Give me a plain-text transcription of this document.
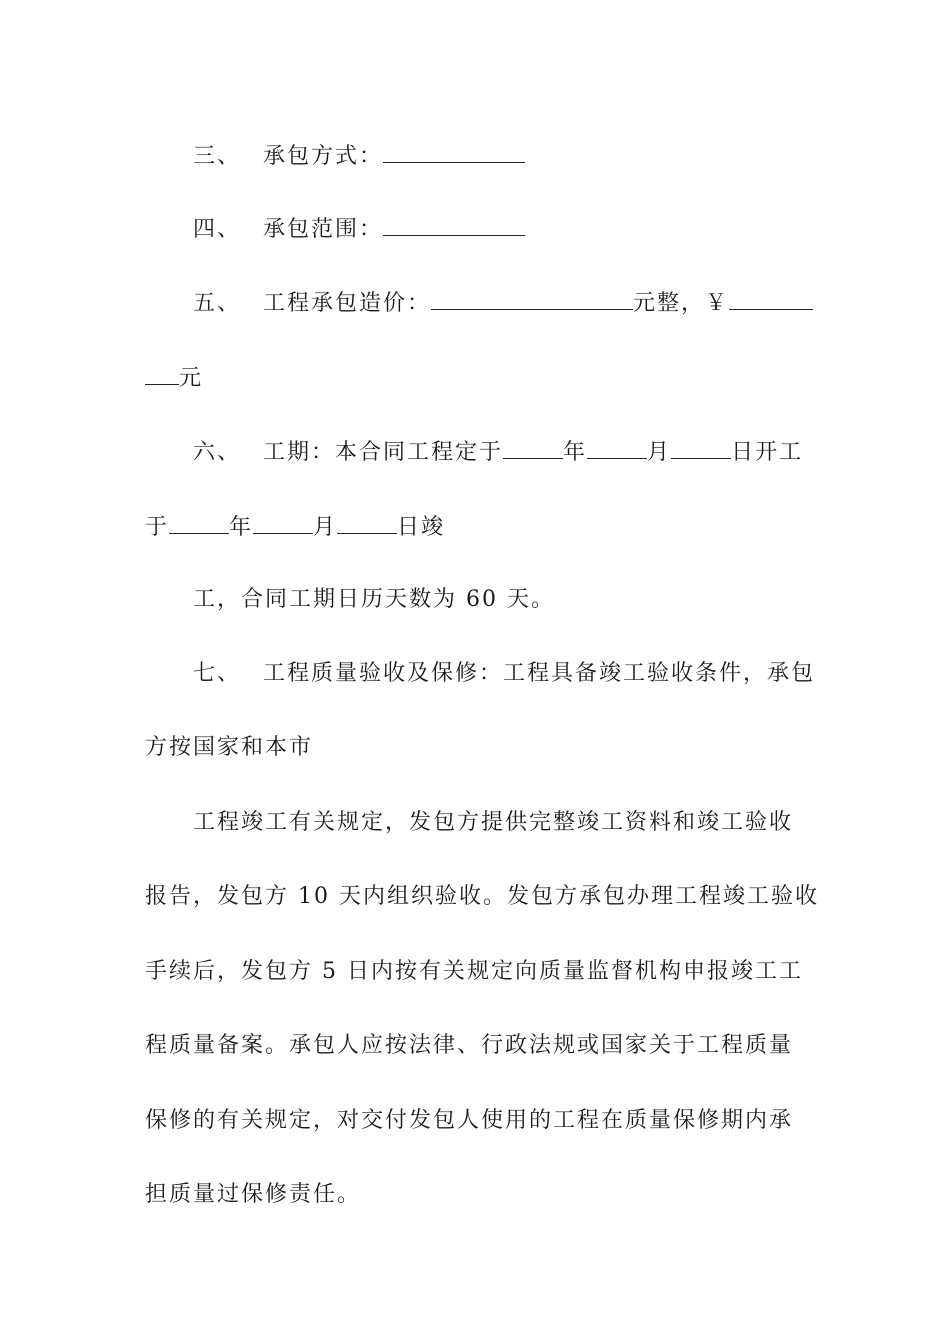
三、 承包方式：
四、 承包范围：
五、 工程承包造价：	元整，￥
元
六、 工期：本合同工程定于	年	月	日开工
于	年	月	日竣
工，合同工期日历天数为 60 天。
七、 工程质量验收及保修：工程具备竣工验收条件，承包
方按国家和本市
工程竣工有关规定，发包方提供完整竣工资料和竣工验收
报告，发包方 10 天内组织验收。发包方承包办理工程竣工验收
手续后，发包方 5 日内按有关规定向质量监督机构申报竣工工
程质量备案。承包人应按法律、行政法规或国家关于工程质量
保修的有关规定，对交付发包人使用的工程在质量保修期内承
担质量过保修责任。
